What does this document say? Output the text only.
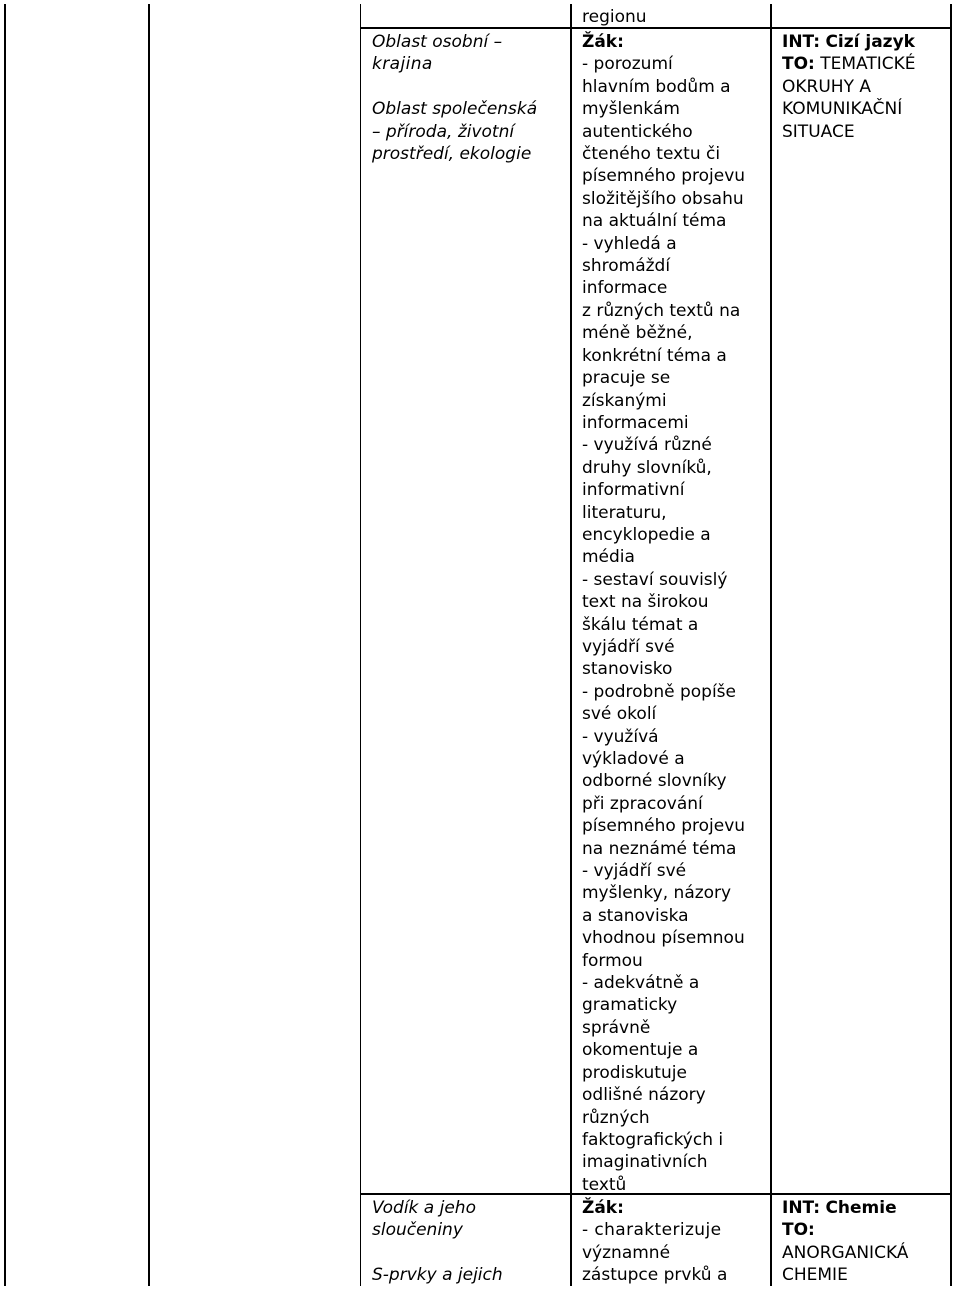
Oblast osobní –
krajina

Oblast společenská
– příroda, životní
prostředí, ekologie
Vodík a jeho
sloučeniny

S-prvky a jejich
regionu
Žák:
- porozumí
hlavním bodům a
myšlenkám
autentického
čteného textu či
písemného projevu
složitějšího obsahu
na aktuální téma
- vyhledá a
shromáždí
informace
z různých textů na
méně běžné,
konkrétní téma a
pracuje se
získanými
informacemi
- využívá různé
druhy slovníků,
informativní
literaturu,
encyklopedie a
média
- sestaví souvislý
text na širokou
škálu témat a
vyjádří své
stanovisko
- podrobně popíše
své okolí
- využívá
výkladové a
odborné slovníky
při zpracování
písemného projevu
na neznámé téma
- vyjádří své
myšlenky, názory
a stanoviska
vhodnou písemnou
formou
- adekvátně a
gramaticky
správně
okomentuje a
prodiskutuje
odlišné názory
různých
faktografických i
imaginativních
textů
Žák:
- charakterizuje
významné
zástupce prvků a
INT: Cizí jazyk
TO: TEMATICKÉ
OKRUHY A
KOMUNIKAČNÍ
SITUACE
INT: Chemie
TO:
ANORGANICKÁ
CHEMIE
